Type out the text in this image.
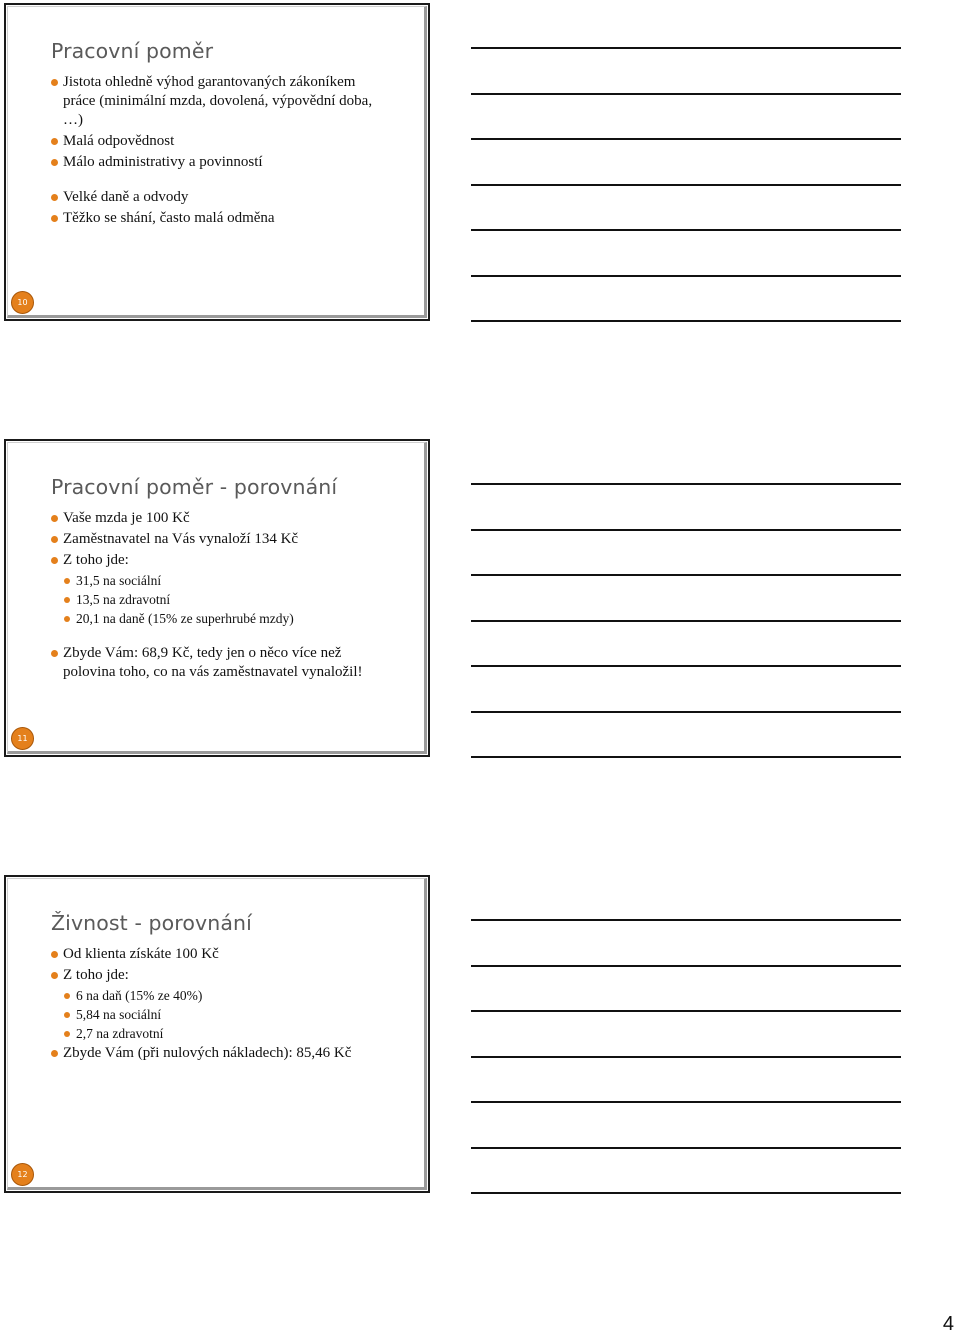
Pracovní poměr
Jistota ohledně výhod garantovaných zákoníkem práce (minimální mzda, dovolená, výpovědní doba, …)
Malá odpovědnost
Málo administrativy a povinností
Velké daně a odvody
Těžko se shání, často malá odměna
10
Pracovní poměr - porovnání
Vaše mzda je 100 Kč
Zaměstnavatel na Vás vynaloží 134 Kč
Z toho jde:
31,5 na sociální
13,5 na zdravotní
20,1 na daně (15% ze superhrubé mzdy)
Zbyde Vám: 68,9 Kč, tedy jen o něco více než polovina toho, co na vás zaměstnavatel vynaložil!
11
Živnost - porovnání
Od klienta získáte 100 Kč
Z toho jde:
6 na daň (15% ze 40%)
5,84 na sociální
2,7 na zdravotní
Zbyde Vám (při nulových nákladech): 85,46 Kč
12
4
